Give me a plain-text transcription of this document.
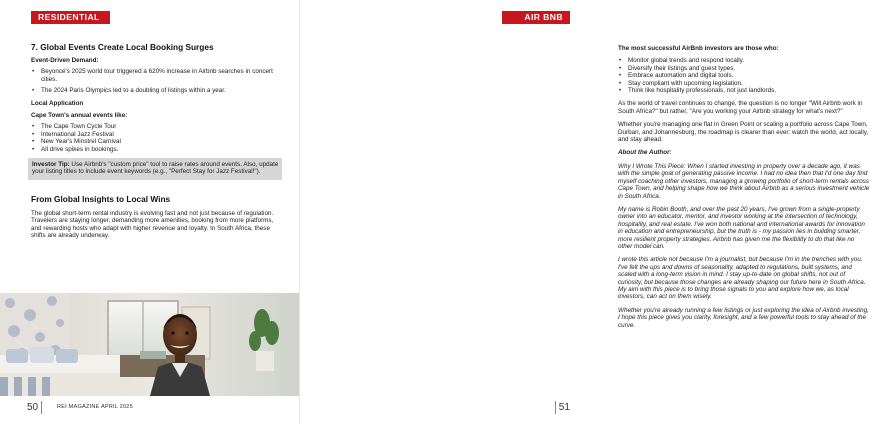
RESIDENTIAL
7. Global Events Create Local Booking Surges
Event-Driven Demand:
• Beyoncé's 2025 world tour triggered a 620% increase in Airbnb searches in concert cities.
• The 2024 Paris Olympics led to a doubling of listings within a year.
Local Application
Cape Town's annual events like:
• The Cape Town Cycle Tour
• International Jazz Festival
• New Year's Minstrel Carnival
• All drive spikes in bookings.
Investor Tip: Use Airbnb's "custom price" tool to raise rates around events. Also, update your listing titles to include event keywords (e.g., "Perfect Stay for Jazz Festival!").
From Global Insights to Local Wins

The global short-term rental industry is evolving fast and not just because of regulation. Travelers are staying longer, demanding more amenities, booking from more platforms, and rewarding hosts who adapt with higher revenue and loyalty. In South Africa, these shifts are already underway.

50	REI MAGAZINE APRIL 2025
AIR BNB
The most successful AirBnb investors are those who:
• Monitor global trends and respond locally.
• Diversify their listings and guest types.
• Embrace automation and digital tools.
• Stay compliant with upcoming legislation.
• Think like hospitality professionals, not just landlords.

As the world of travel continues to change, the question is no longer "Will Airbnb work in South Africa?" but rather, "Are you working your Airbnb strategy for what's next?"

Whether you're managing one flat in Green Point or scaling a portfolio across Cape Town, Durban, and Johannesburg, the roadmap is clearer than ever: watch the world, act locally, and stay ahead.

About the Author:

Why I Wrote This Piece: When I started investing in property over a decade ago, it was with the simple goal of generating passive income. I had no idea then that I'd one day find myself coaching other investors, managing a growing portfolio of short-term rentals across Cape Town, and helping shape how we think about Airbnb as a serious investment vehicle in South Africa.

My name is Robin Booth, and over the past 20 years, I've grown from a single-property owner into an educator, mentor, and investor working at the intersection of technology, hospitality, and real estate. I've won both national and international awards for innovation in education and entrepreneurship, but the truth is - my passion lies in building smarter, more resilient property strategies. Airbnb has given me the flexibility to do that like no other model can.

I wrote this article not because I'm a journalist, but because I'm in the trenches with you. I've felt the ups and downs of seasonality, adapted to regulations, built systems, and scaled with a long-term vision in mind. I stay up-to-date on global shifts, not out of curiosity, but because those changes are already shaping our future here in South Africa. My aim with this piece is to bring those signals to you and explore how we, as local investors, can act on them wisely.

Whether you're already running a few listings or just exploring the idea of Airbnb investing, I hope this piece gives you clarity, foresight, and a few powerful tools to stay ahead of the curve.

51
